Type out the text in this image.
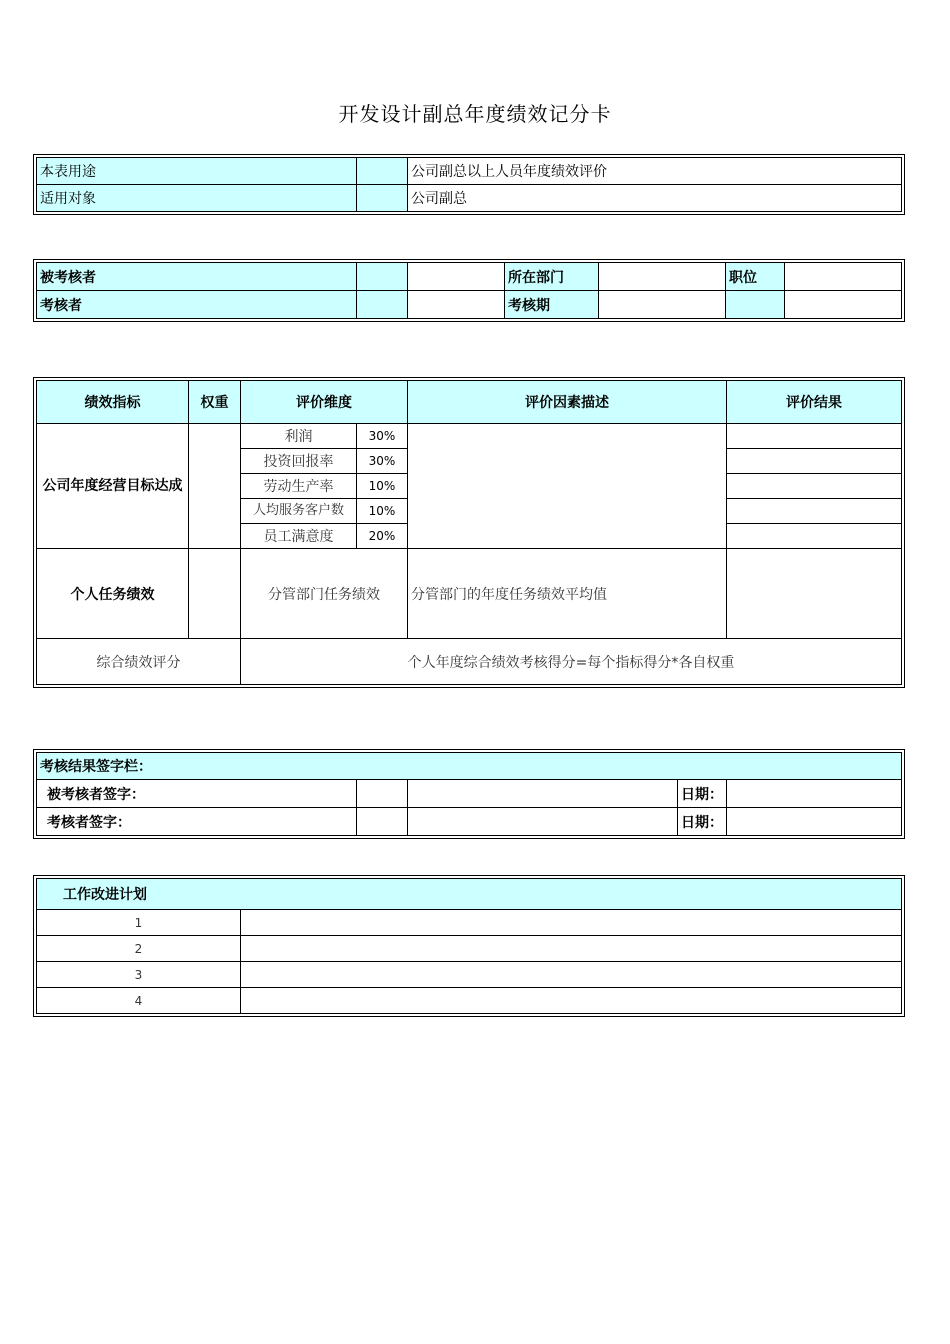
开发设计副总年度绩效记分卡
本表用途		公司副总以上人员年度绩效评价
适用对象		公司副总
被考核者			所在部门		职位	
考核者			考核期			
绩效指标	权重	评价维度		评价因素描述	评价结果
公司年度经营目标达成		利润	30%		
		投资回报率	30%		
		劳动生产率	10%		
		人均服务客户数	10%		
		员工满意度	20%		
个人任务绩效		分管部门任务绩效		分管部门的年度任务绩效平均值	
综合绩效评分		个人年度综合绩效考核得分=每个指标得分*各自权重			
考核结果签字栏：				
被考核者签字：			日期：	
考核者签字：			日期：	
工作改进计划	
1	
2	
3	
4	
